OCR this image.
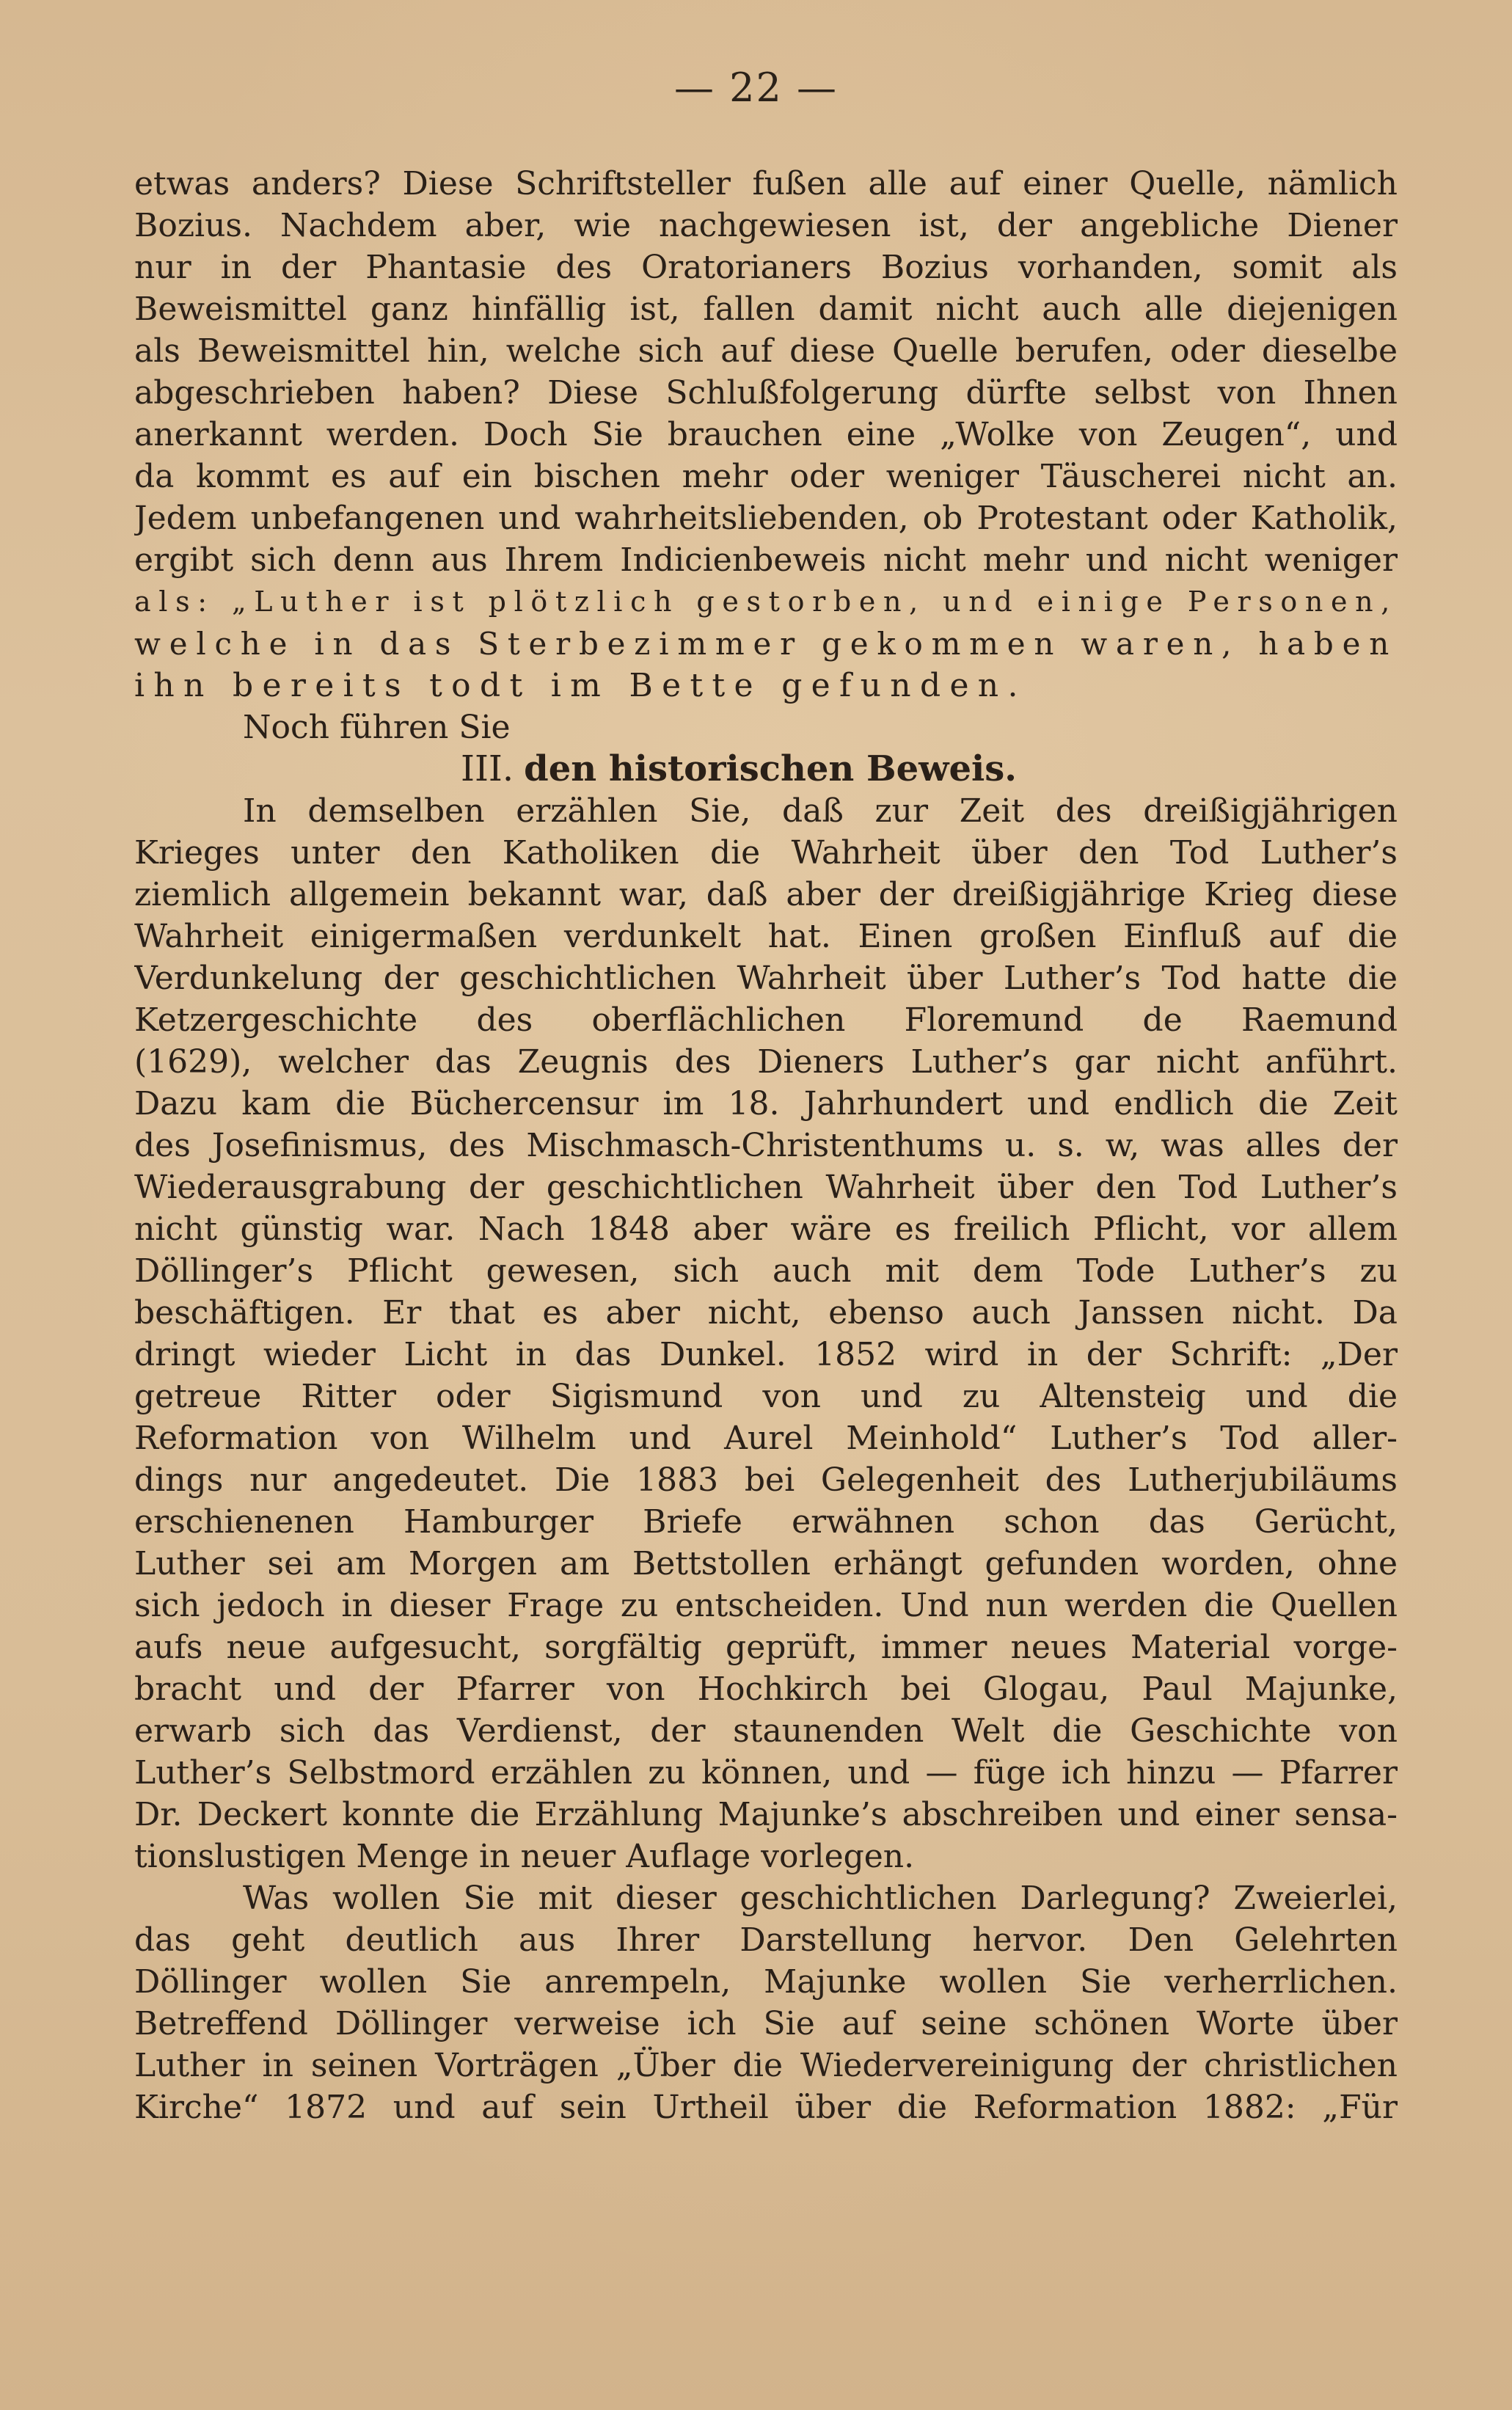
— 22 —
etwas anders? Diese Schriftsteller fußen alle auf einer Quelle, nämlich
Bozius. Nachdem aber, wie nachgewiesen ist, der angebliche Diener
nur in der Phantasie des Oratorianers Bozius vorhanden, somit als
Beweismittel ganz hinfällig ist, fallen damit nicht auch alle diejenigen
als Beweismittel hin, welche sich auf diese Quelle berufen, oder dieselbe
abgeschrieben haben? Diese Schlußfolgerung dürfte selbst von Ihnen
anerkannt werden. Doch Sie brauchen eine „Wolke von Zeugen“, und
da kommt es auf ein bischen mehr oder weniger Täuscherei nicht an.
Jedem unbefangenen und wahrheitsliebenden, ob Protestant oder Katholik,
ergibt sich denn aus Ihrem Indicienbeweis nicht mehr und nicht weniger
als: „Luther ist plötzlich gestorben, und einige Personen,
welche in das Sterbezimmer gekommen waren, haben
ihn bereits todt im Bette gefunden.
Noch führen Sie
III. den historischen Beweis.
In demselben erzählen Sie, daß zur Zeit des dreißigjährigen
Krieges unter den Katholiken die Wahrheit über den Tod Luther’s
ziemlich allgemein bekannt war, daß aber der dreißigjährige Krieg diese
Wahrheit einigermaßen verdunkelt hat. Einen großen Einfluß auf die
Verdunkelung der geschichtlichen Wahrheit über Luther’s Tod hatte die
Ketzergeschichte des oberflächlichen Floremund de Raemund
(1629), welcher das Zeugnis des Dieners Luther’s gar nicht anführt.
Dazu kam die Büchercensur im 18. Jahrhundert und endlich die Zeit
des Josefinismus, des Mischmasch-Christenthums u. s. w, was alles der
Wiederausgrabung der geschichtlichen Wahrheit über den Tod Luther’s
nicht günstig war. Nach 1848 aber wäre es freilich Pflicht, vor allem
Döllinger’s Pflicht gewesen, sich auch mit dem Tode Luther’s zu
beschäftigen. Er that es aber nicht, ebenso auch Janssen nicht. Da
dringt wieder Licht in das Dunkel. 1852 wird in der Schrift: „Der
getreue Ritter oder Sigismund von und zu Altensteig und die
Reformation von Wilhelm und Aurel Meinhold“ Luther’s Tod aller-
dings nur angedeutet. Die 1883 bei Gelegenheit des Lutherjubiläums
erschienenen Hamburger Briefe erwähnen schon das Gerücht,
Luther sei am Morgen am Bettstollen erhängt gefunden worden, ohne
sich jedoch in dieser Frage zu entscheiden. Und nun werden die Quellen
aufs neue aufgesucht, sorgfältig geprüft, immer neues Material vorge-
bracht und der Pfarrer von Hochkirch bei Glogau, Paul Majunke,
erwarb sich das Verdienst, der staunenden Welt die Geschichte von
Luther’s Selbstmord erzählen zu können, und — füge ich hinzu — Pfarrer
Dr. Deckert konnte die Erzählung Majunke’s abschreiben und einer sensa-
tionslustigen Menge in neuer Auflage vorlegen.
Was wollen Sie mit dieser geschichtlichen Darlegung? Zweierlei,
das geht deutlich aus Ihrer Darstellung hervor. Den Gelehrten
Döllinger wollen Sie anrempeln, Majunke wollen Sie verherrlichen.
Betreffend Döllinger verweise ich Sie auf seine schönen Worte über
Luther in seinen Vorträgen „Über die Wiedervereinigung der christlichen
Kirche“ 1872 und auf sein Urtheil über die Reformation 1882: „Für
